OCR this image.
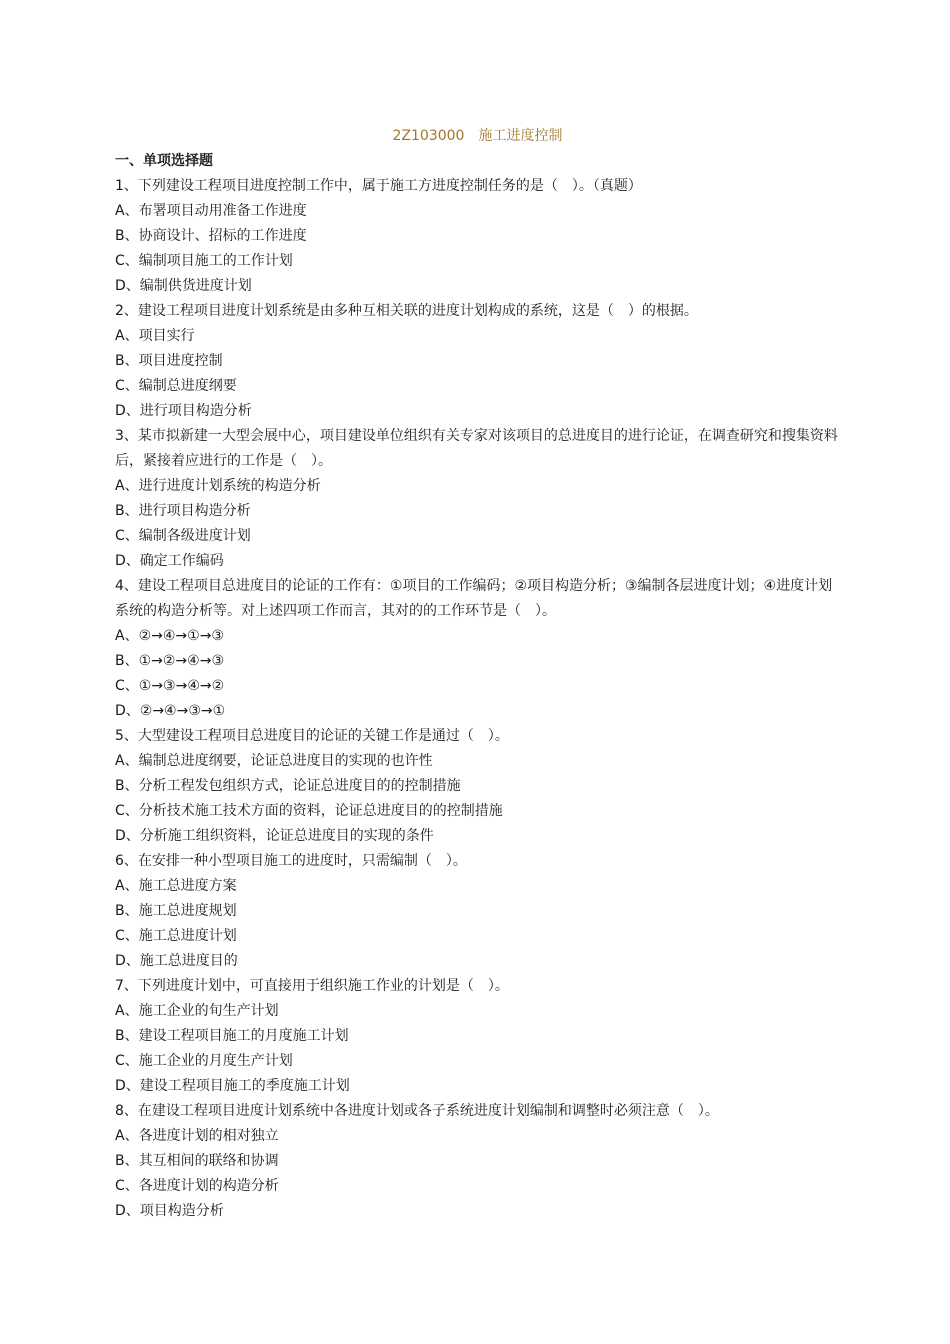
2Z103000 施工进度控制
一、单项选择题
1、下列建设工程项目进度控制工作中，属于施工方进度控制任务的是（　）。（真题）
A、布署项目动用准备工作进度
B、协商设计、招标的工作进度
C、编制项目施工的工作计划
D、编制供货进度计划
2、建设工程项目进度计划系统是由多种互相关联的进度计划构成的系统，这是（　）的根据。
A、项目实行
B、项目进度控制
C、编制总进度纲要
D、进行项目构造分析
3、某市拟新建一大型会展中心，项目建设单位组织有关专家对该项目的总进度目的进行论证，在调查研究和搜集资料后，紧接着应进行的工作是（　）。
A、进行进度计划系统的构造分析
B、进行项目构造分析
C、编制各级进度计划
D、确定工作编码
4、建设工程项目总进度目的论证的工作有：①项目的工作编码；②项目构造分析；③编制各层进度计划；④进度计划系统的构造分析等。对上述四项工作而言，其对的的工作环节是（　）。
A、②→④→①→③
B、①→②→④→③
C、①→③→④→②
D、②→④→③→①
5、大型建设工程项目总进度目的论证的关键工作是通过（　）。
A、编制总进度纲要，论证总进度目的实现的也许性
B、分析工程发包组织方式，论证总进度目的的控制措施
C、分析技术施工技术方面的资料，论证总进度目的的控制措施
D、分析施工组织资料，论证总进度目的实现的条件
6、在安排一种小型项目施工的进度时，只需编制（　）。
A、施工总进度方案
B、施工总进度规划
C、施工总进度计划
D、施工总进度目的
7、下列进度计划中，可直接用于组织施工作业的计划是（　）。
A、施工企业的旬生产计划
B、建设工程项目施工的月度施工计划
C、施工企业的月度生产计划
D、建设工程项目施工的季度施工计划
8、在建设工程项目进度计划系统中各进度计划或各子系统进度计划编制和调整时必须注意（　）。
A、各进度计划的相对独立
B、其互相间的联络和协调
C、各进度计划的构造分析
D、项目构造分析
